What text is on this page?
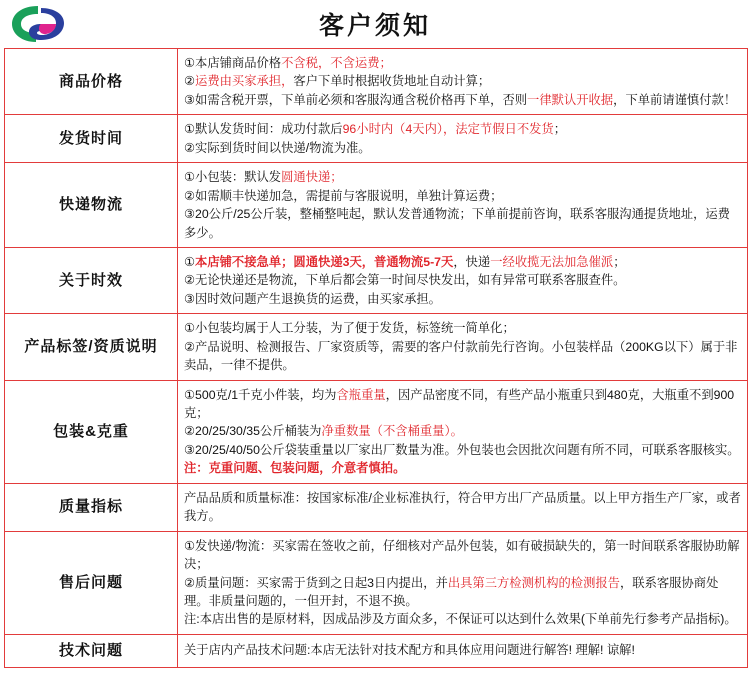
客户须知
商品价格	①本店铺商品价格不含税，不含运费；
②运费由买家承担，客户下单时根据收货地址自动计算；
③如需含税开票，下单前必须和客服沟通含税价格再下单，否则一律默认开收据，下单前请谨慎付款！

发货时间	①默认发货时间：成功付款后96小时内（4天内），法定节假日不发货；
②实际到货时间以快递/物流为准。

快递物流	①小包装：默认发圆通快递；
②如需顺丰快递加急，需提前与客服说明，单独计算运费；
③20公斤/25公斤装，整桶整吨起，默认发普通物流；下单前提前咨询，联系客服沟通提货地址，运费多少。

关于时效	①本店铺不接急单；圆通快递3天，普通物流5-7天，快递一经收揽无法加急催派；
②无论快递还是物流，下单后都会第一时间尽快发出，如有异常可联系客服查件。
③因时效问题产生退换货的运费，由买家承担。

产品标签/资质说明	①小包装均属于人工分装，为了便于发货，标签统一简单化；
②产品说明、检测报告、厂家资质等，需要的客户付款前先行咨询。小包装样品（200KG以下）属于非卖品，一律不提供。

包装&克重	①500克/1千克小件装，均为含瓶重量，因产品密度不同，有些产品小瓶重只到480克，大瓶重不到900克；
②20/25/30/35公斤桶装为净重数量（不含桶重量）。
③20/25/40/50公斤袋装重量以厂家出厂数量为准。外包装也会因批次问题有所不同，可联系客服核实。
注：克重问题、包装问题，介意者慎拍。

质量指标	产品品质和质量标准：按国家标准/企业标准执行，符合甲方出厂产品质量。以上甲方指生产厂家，或者我方。

售后问题	①发快递/物流：买家需在签收之前，仔细核对产品外包装，如有破损缺失的，第一时间联系客服协助解决；
②质量问题：买家需于货到之日起3日内提出，并出具第三方检测机构的检测报告，联系客服协商处理。非质量问题的，一但开封，不退不换。
注:本店出售的是原材料，因成品涉及方面众多，不保证可以达到什么效果(下单前先行参考产品指标)。

技术问题	关于店内产品技术问题:本店无法针对技术配方和具体应用问题进行解答! 理解! 谅解!
